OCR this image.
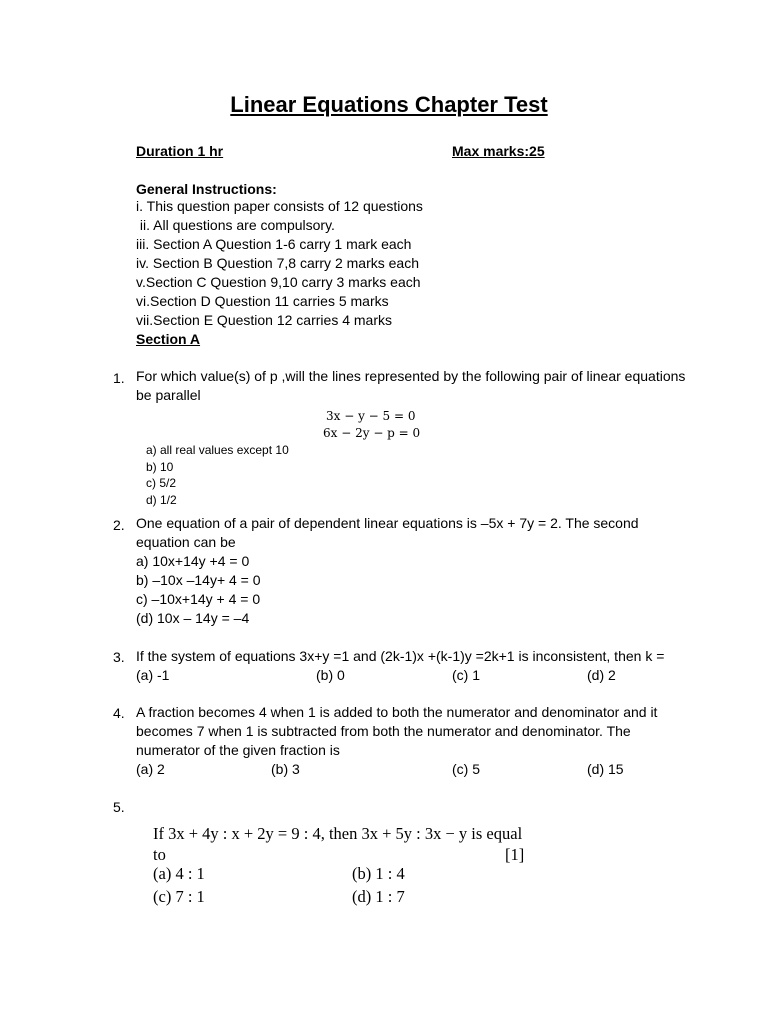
Linear Equations Chapter Test
Duration 1 hr	Max marks:25
General Instructions:
i. This question paper consists of 12 questions
ii. All questions are compulsory.
iii. Section A Question 1-6 carry 1 mark each
iv. Section B Question 7,8 carry 2 marks each
v.Section C Question 9,10 carry 3 marks each
vi.Section D Question 11 carries 5 marks
vii.Section E Question 12 carries 4 marks
Section A
1. For which value(s) of p ,will the lines represented by the following pair of linear equations
be parallel
3x − y − 5 = 0
6x − 2y − p = 0
a) all real values except 10
b) 10
c) 5/2
d) 1/2
2. One equation of a pair of dependent linear equations is –5x + 7y = 2. The second
equation can be
a) 10x+14y +4 = 0
b) –10x –14y+ 4 = 0
c) –10x+14y + 4 = 0
(d) 10x – 14y = –4
3. If the system of equations 3x+y =1 and (2k-1)x +(k-1)y =2k+1 is inconsistent, then k =
(a) -1	(b) 0	(c) 1	(d) 2
4. A fraction becomes 4 when 1 is added to both the numerator and denominator and it
becomes 7 when 1 is subtracted from both the numerator and denominator. The
numerator of the given fraction is
(a) 2	(b) 3	(c) 5	(d) 15
5.
If 3x + 4y : x + 2y = 9 : 4, then 3x + 5y : 3x − y is equal
to	[1]
(a) 4 : 1	(b) 1 : 4
(c) 7 : 1	(d) 1 : 7
